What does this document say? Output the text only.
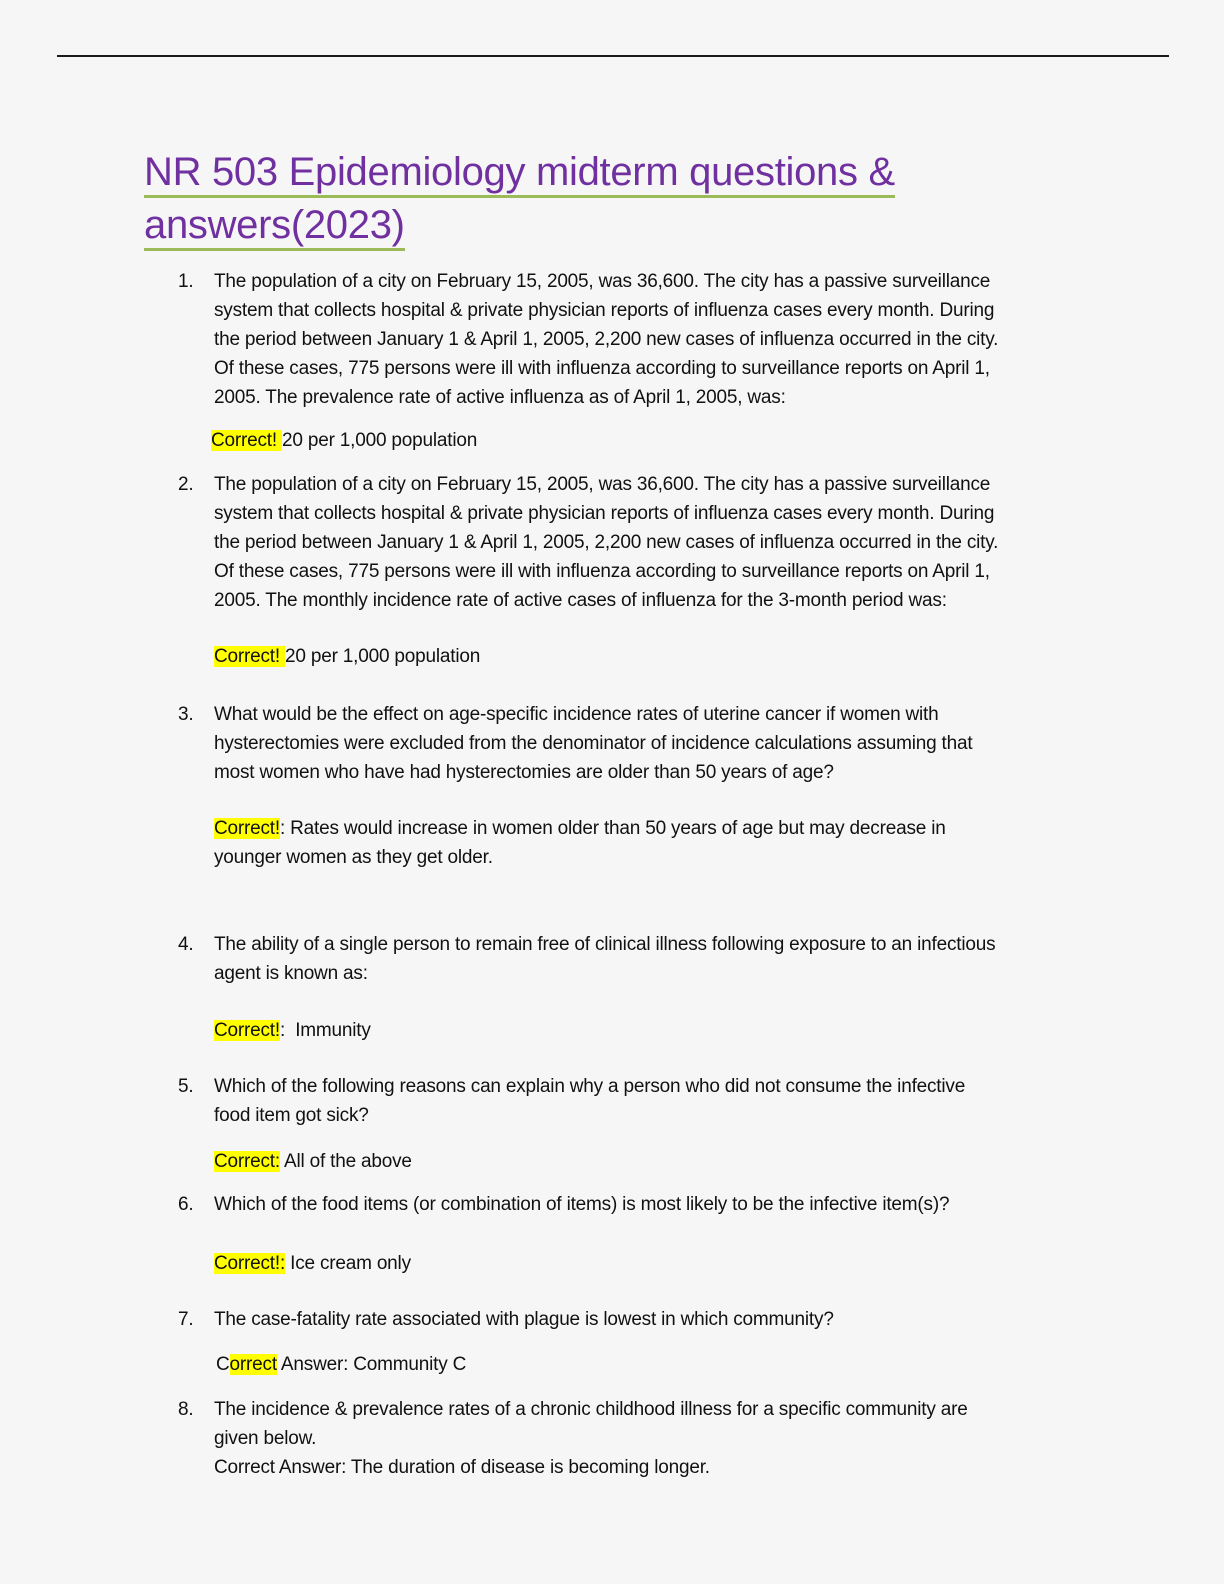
NR 503 Epidemiology midterm questions &
answers(2023)
1.	The population of a city on February 15, 2005, was 36,600. The city has a passive surveillance
system that collects hospital & private physician reports of influenza cases every month. During
the period between January 1 & April 1, 2005, 2,200 new cases of influenza occurred in the city.
Of these cases, 775 persons were ill with influenza according to surveillance reports on April 1,
2005. The prevalence rate of active influenza as of April 1, 2005, was:
Correct! 20 per 1,000 population
2.	The population of a city on February 15, 2005, was 36,600. The city has a passive surveillance
system that collects hospital & private physician reports of influenza cases every month. During
the period between January 1 & April 1, 2005, 2,200 new cases of influenza occurred in the city.
Of these cases, 775 persons were ill with influenza according to surveillance reports on April 1,
2005. The monthly incidence rate of active cases of influenza for the 3-month period was:
Correct! 20 per 1,000 population
3.	What would be the effect on age-specific incidence rates of uterine cancer if women with
hysterectomies were excluded from the denominator of incidence calculations assuming that
most women who have had hysterectomies are older than 50 years of age?
Correct!: Rates would increase in women older than 50 years of age but may decrease in
younger women as they get older.
4.	The ability of a single person to remain free of clinical illness following exposure to an infectious
agent is known as:
Correct!:  Immunity
5.	Which of the following reasons can explain why a person who did not consume the infective
food item got sick?
Correct: All of the above
6.	Which of the food items (or combination of items) is most likely to be the infective item(s)?
Correct!: Ice cream only
7.	The case-fatality rate associated with plague is lowest in which community?
Correct Answer: Community C
8.	The incidence & prevalence rates of a chronic childhood illness for a specific community are
given below.
Correct Answer: The duration of disease is becoming longer.
